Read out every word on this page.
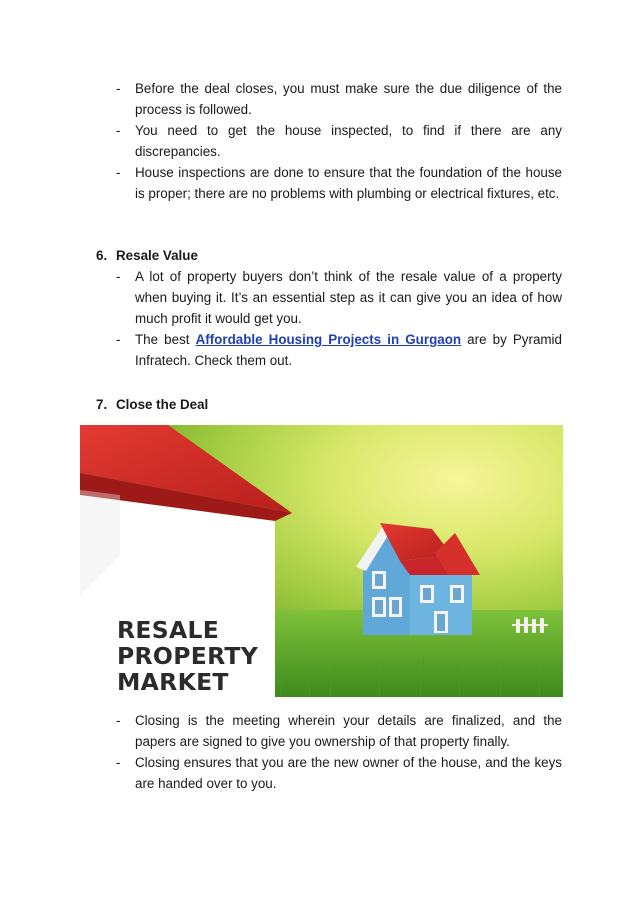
-	Before the deal closes, you must make sure the due diligence of the process is followed.
-	You need to get the house inspected, to find if there are any discrepancies.
-	House inspections are done to ensure that the foundation of the house is proper; there are no problems with plumbing or electrical fixtures, etc.
6. Resale Value
-	A lot of property buyers don’t think of the resale value of a property when buying it. It’s an essential step as it can give you an idea of how much profit it would get you.
-	The best Affordable Housing Projects in Gurgaon are by Pyramid Infratech. Check them out.
7. Close the Deal
RESALE
PROPERTY
MARKET
-	Closing is the meeting wherein your details are finalized, and the papers are signed to give you ownership of that property finally.
-	Closing ensures that you are the new owner of the house, and the keys are handed over to you.
